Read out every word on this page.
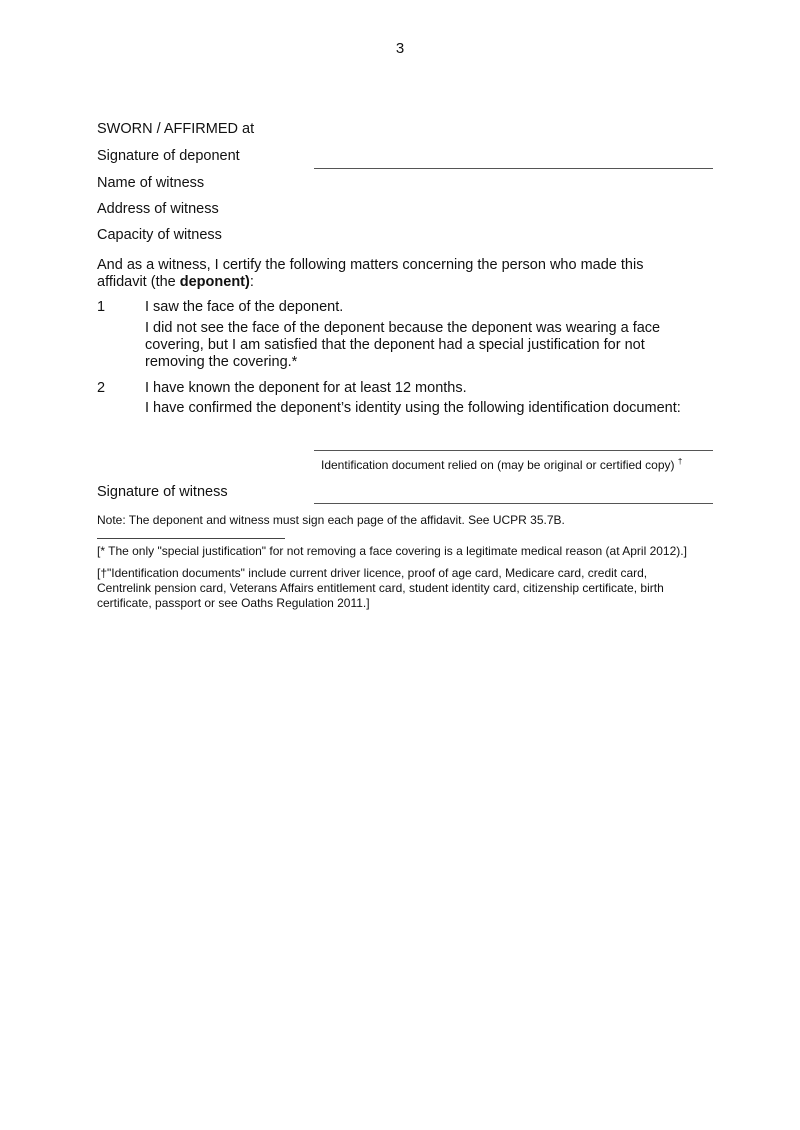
3
SWORN / AFFIRMED at
Signature of deponent
Name of witness
Address of witness
Capacity of witness
And as a witness, I certify the following matters concerning the person who made this affidavit (the deponent):
1	I saw the face of the deponent.
I did not see the face of the deponent because the deponent was wearing a face covering, but I am satisfied that the deponent had a special justification for not removing the covering.*
2	I have known the deponent for at least 12 months.
I have confirmed the deponent’s identity using the following identification document:
Identification document relied on (may be original or certified copy) †
Signature of witness
Note: The deponent and witness must sign each page of the affidavit. See UCPR 35.7B.
[* The only "special justification" for not removing a face covering is a legitimate medical reason (at April 2012).]
[†"Identification documents" include current driver licence, proof of age card, Medicare card, credit card, Centrelink pension card, Veterans Affairs entitlement card, student identity card, citizenship certificate, birth certificate, passport or see Oaths Regulation 2011.]
